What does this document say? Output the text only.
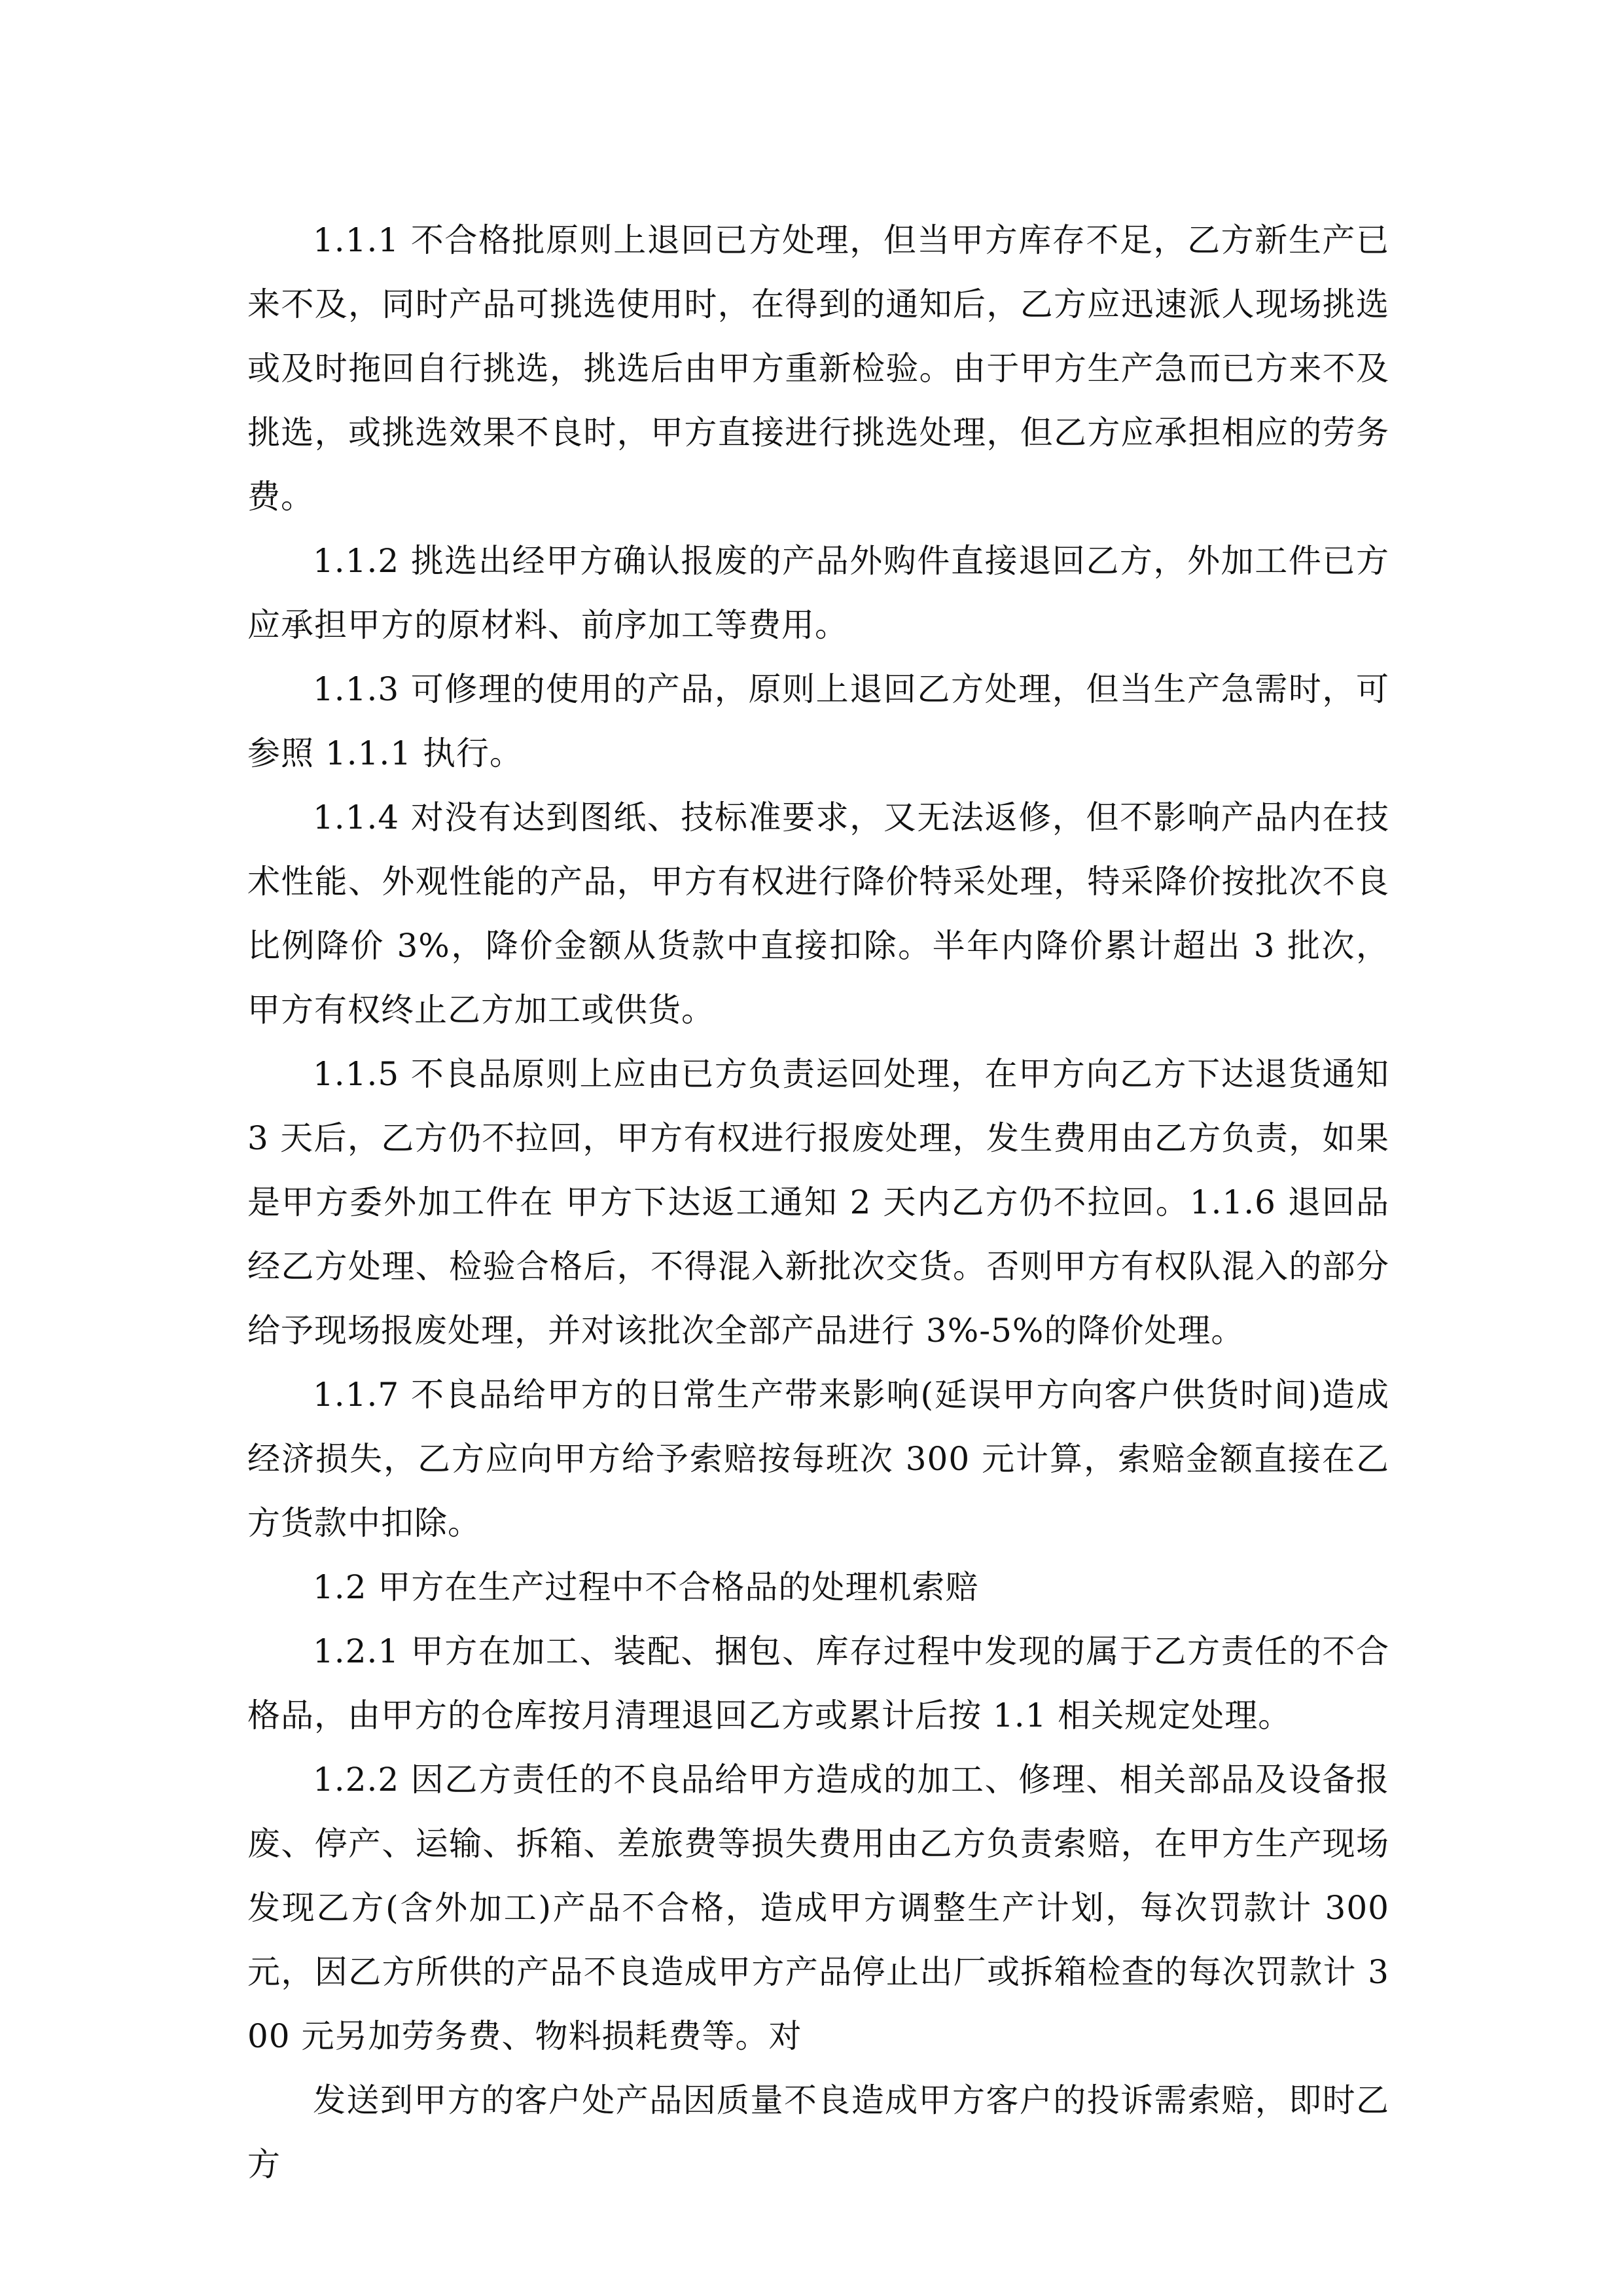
1.1.1 不合格批原则上退回已方处理，但当甲方库存不足，乙方新生产已来不及，同时产品可挑选使用时，在得到的通知后，乙方应迅速派人现场挑选或及时拖回自行挑选，挑选后由甲方重新检验。由于甲方生产急而已方来不及挑选，或挑选效果不良时，甲方直接进行挑选处理，但乙方应承担相应的劳务费。

1.1.2 挑选出经甲方确认报废的产品外购件直接退回乙方，外加工件已方应承担甲方的原材料、前序加工等费用。

1.1.3 可修理的使用的产品，原则上退回乙方处理，但当生产急需时，可参照 1.1.1 执行。

1.1.4 对没有达到图纸、技标准要求，又无法返修，但不影响产品内在技术性能、外观性能的产品，甲方有权进行降价特采处理，特采降价按批次不良比例降价 3%，降价金额从货款中直接扣除。半年内降价累计超出 3 批次，甲方有权终止乙方加工或供货。

1.1.5 不良品原则上应由已方负责运回处理，在甲方向乙方下达退货通知 3 天后，乙方仍不拉回，甲方有权进行报废处理，发生费用由乙方负责，如果是甲方委外加工件在 甲方下达返工通知 2 天内乙方仍不拉回。1.1.6 退回品经乙方处理、检验合格后，不得混入新批次交货。否则甲方有权队混入的部分给予现场报废处理，并对该批次全部产品进行 3%-5%的降价处理。

1.1.7 不良品给甲方的日常生产带来影响(延误甲方向客户供货时间)造成经济损失，乙方应向甲方给予索赔按每班次 300 元计算，索赔金额直接在乙方货款中扣除。

1.2 甲方在生产过程中不合格品的处理机索赔

1.2.1 甲方在加工、装配、捆包、库存过程中发现的属于乙方责任的不合格品，由甲方的仓库按月清理退回乙方或累计后按 1.1 相关规定处理。

1.2.2 因乙方责任的不良品给甲方造成的加工、修理、相关部品及设备报废、停产、运输、拆箱、差旅费等损失费用由乙方负责索赔，在甲方生产现场发现乙方(含外加工)产品不合格，造成甲方调整生产计划，每次罚款计 300 元，因乙方所供的产品不良造成甲方产品停止出厂或拆箱检查的每次罚款计 300 元另加劳务费、物料损耗费等。对

发送到甲方的客户处产品因质量不良造成甲方客户的投诉需索赔，即时乙方
